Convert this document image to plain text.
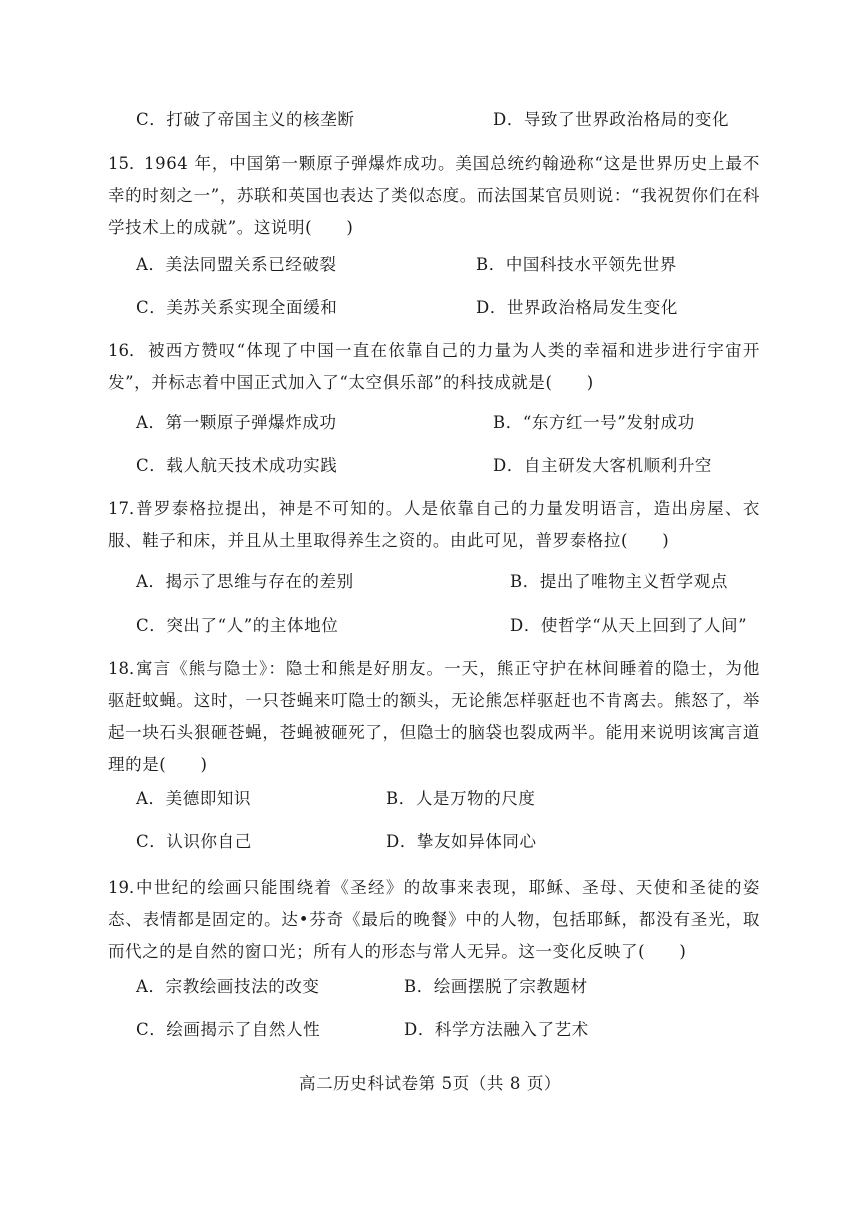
C．打破了帝国主义的核垄断	D．导致了世界政治格局的变化
15．
1964 年，中国第一颗原子弹爆炸成功。美国总统约翰逊称“这是世界历史上最不幸的时刻之一”，苏联和英国也表达了类似态度。而法国某官员则说：“我祝贺你们在科学技术上的成就”。这说明(　　)
A．美法同盟关系已经破裂	B．中国科技水平领先世界
C．美苏关系实现全面缓和	D．世界政治格局发生变化
16． 被西方赞叹“体现了中国一直在依靠自己的力量为人类的幸福和进步进行宇宙开发”，并标志着中国正式加入了“太空俱乐部”的科技成就是(　　)
A．第一颗原子弹爆炸成功	B．“东方红一号”发射成功
C．载人航天技术成功实践	D．自主研发大客机顺利升空
17．
普罗泰格拉提出，神是不可知的。人是依靠自己的力量发明语言，造出房屋、衣服、鞋子和床，并且从土里取得养生之资的。由此可见，普罗泰格拉(　　)
A．揭示了思维与存在的差别	B．提出了唯物主义哲学观点
C．突出了“人”的主体地位	D．使哲学“从天上回到了人间”
18．
寓言《熊与隐士》：隐士和熊是好朋友。一天，熊正守护在林间睡着的隐士，为他驱赶蚊蝇。这时，一只苍蝇来叮隐士的额头，无论熊怎样驱赶也不肯离去。熊怒了，举起一块石头狠砸苍蝇，苍蝇被砸死了，但隐士的脑袋也裂成两半。能用来说明该寓言道理的是(　　)
A．美德即知识	B．人是万物的尺度
C．认识你自己	D．挚友如异体同心
19．
中世纪的绘画只能围绕着《圣经》的故事来表现，耶稣、圣母、天使和圣徒的姿态、表情都是固定的。达•芬奇《最后的晚餐》中的人物，包括耶稣，都没有圣光，取而代之的是自然的窗口光；所有人的形态与常人无异。这一变化反映了(　　)
A．宗教绘画技法的改变	B．绘画摆脱了宗教题材
C．绘画揭示了自然人性	D．科学方法融入了艺术
高二历史科试卷第 5页（共 8 页）
